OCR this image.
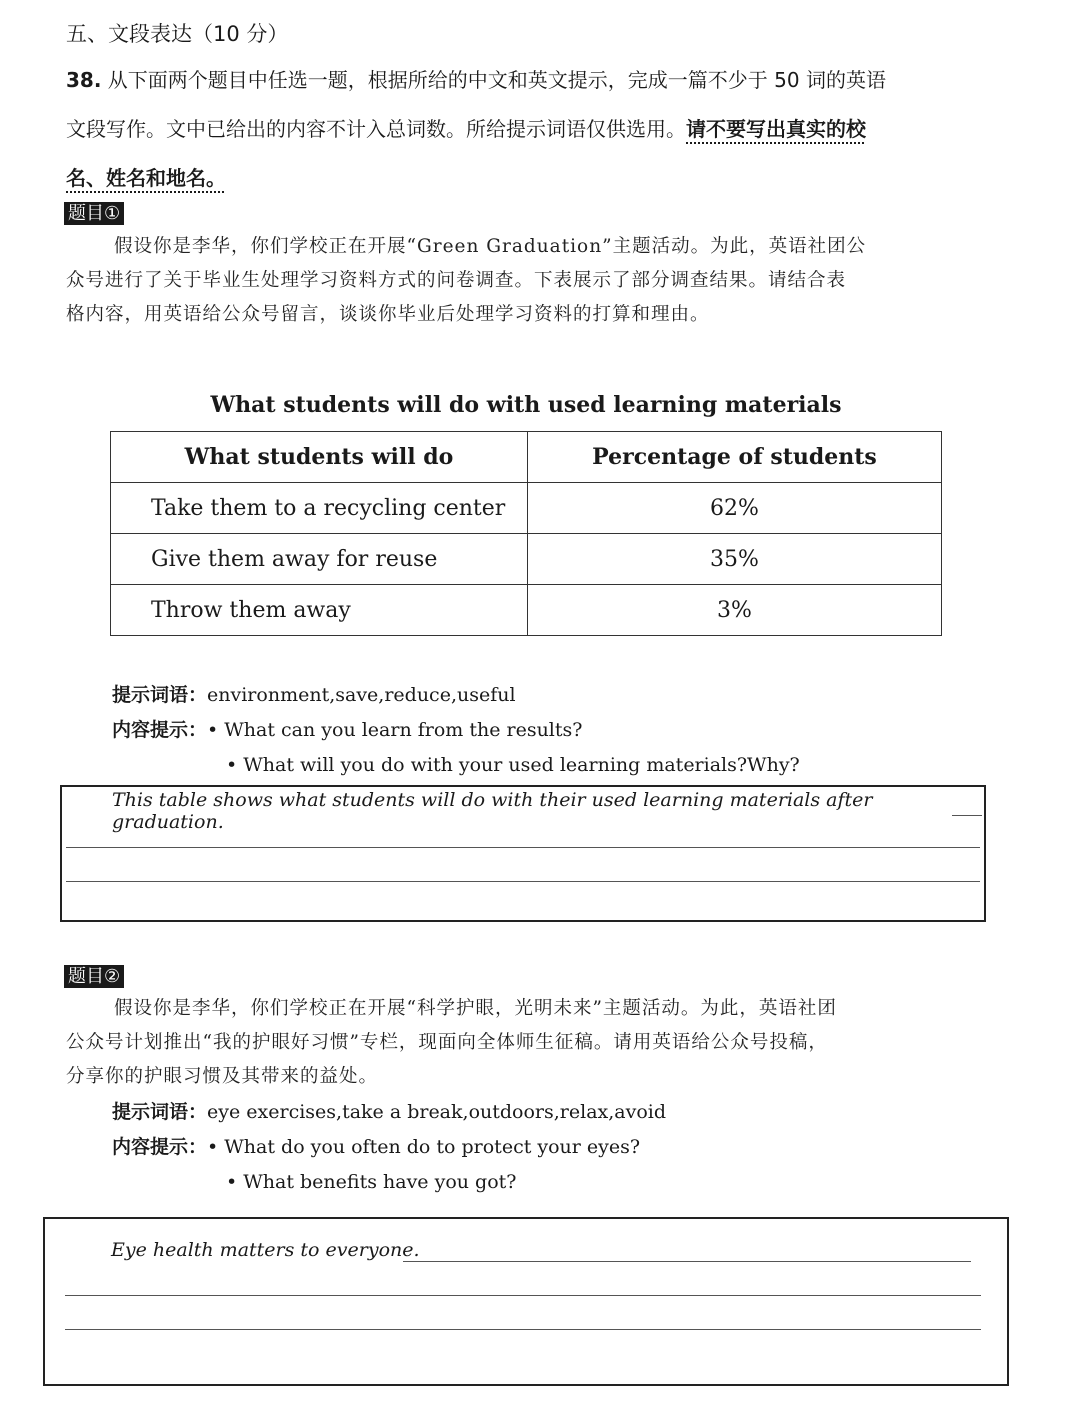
五、文段表达（10 分）
38. 从下面两个题目中任选一题，根据所给的中文和英文提示，完成一篇不少于 50 词的英语
文段写作。文中已给出的内容不计入总词数。所给提示词语仅供选用。请不要写出真实的校
名、姓名和地名。
题目①
假设你是李华，你们学校正在开展“Green Graduation”主题活动。为此，英语社团公
众号进行了关于毕业生处理学习资料方式的问卷调查。下表展示了部分调查结果。请结合表
格内容，用英语给公众号留言，谈谈你毕业后处理学习资料的打算和理由。
What students will do with used learning materials
What students will do	Percentage of students
Take them to a recycling center	62%
Give them away for reuse	35%
Throw them away	3%
提示词语：environment,save,reduce,useful
内容提示：• What can you learn from the results?
• What will you do with your used learning materials?Why?
This table shows what students will do with their used learning materials after graduation.
题目②
假设你是李华，你们学校正在开展“科学护眼，光明未来”主题活动。为此，英语社团
公众号计划推出“我的护眼好习惯”专栏，现面向全体师生征稿。请用英语给公众号投稿，
分享你的护眼习惯及其带来的益处。
提示词语：eye exercises,take a break,outdoors,relax,avoid
内容提示：• What do you often do to protect your eyes?
• What benefits have you got?
Eye health matters to everyone.
